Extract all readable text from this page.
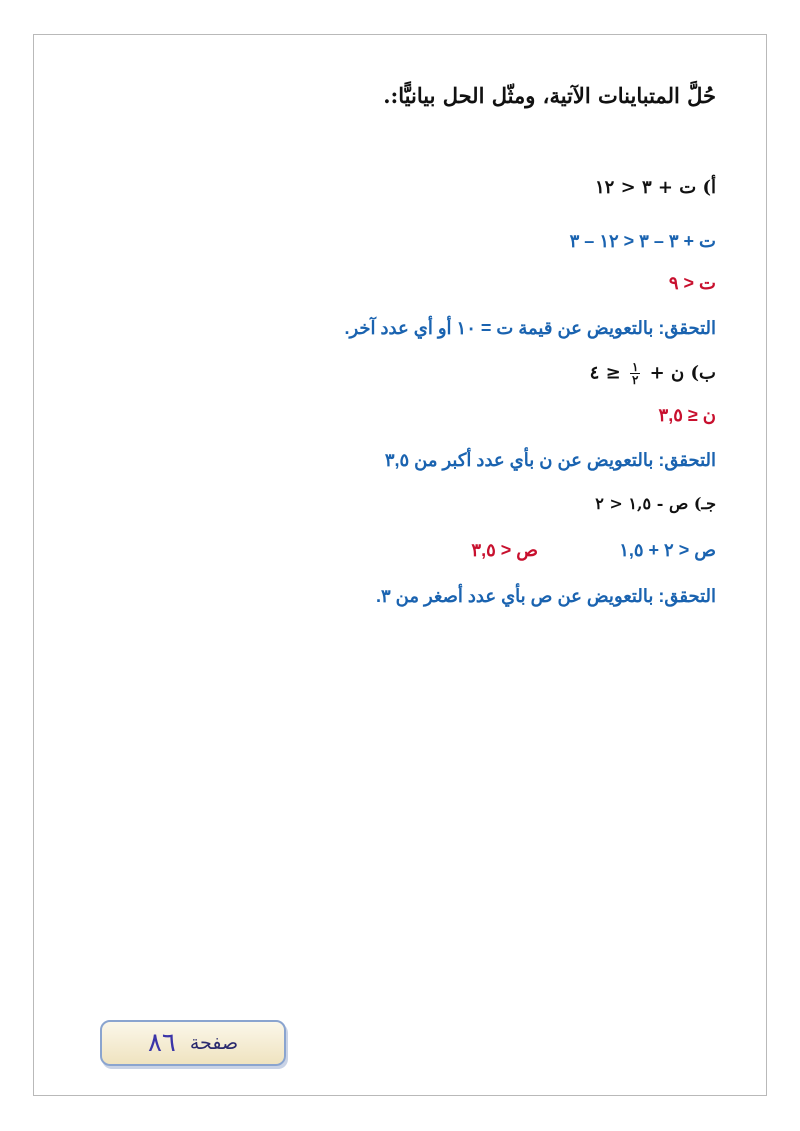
حُلَّ المتباينات الآتية، ومثّل الحل بيانيًّا:.
أ) ت + ٣ < ١٢
ت + ٣ – ٣ < ١٢ – ٣
ت < ٩
التحقق: بالتعويض عن قيمة ت = ١٠ أو أي عدد آخر.
ب) ن +
$\frac{١}{٢}$
≤ ٤
ن ≤ ٣,٥
التحقق: بالتعويض عن ن بأي عدد أكبر من ٣,٥
جـ) ص - ١,٥ < ٢
ص < ٢ + ١,٥  ص < ٣,٥
التحقق: بالتعويض عن ص بأي عدد أصغر من ٣.
صفحة
٨٦
